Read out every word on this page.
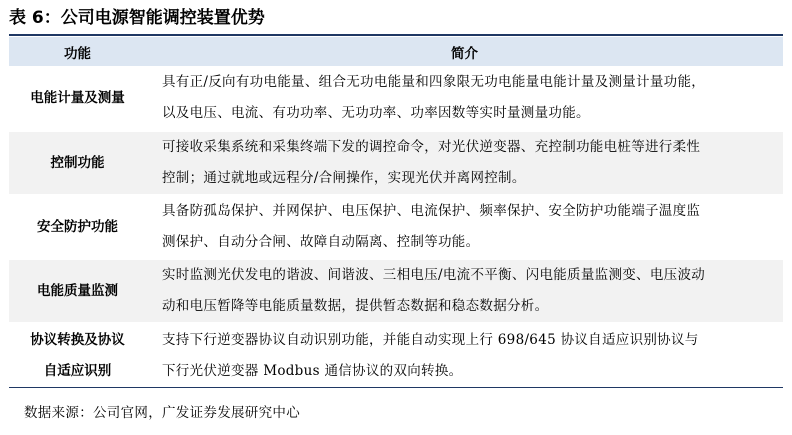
表 6：公司电源智能调控装置优势
功能	简介

电能计量及测量	具有正/反向有功电能量、组合无功电能量和四象限无功电能量电能计量及测量计量功能，
以及电压、电流、有功功率、无功功率、功率因数等实时量测量功能。

控制功能	可接收采集系统和采集终端下发的调控命令，对光伏逆变器、充控制功能电桩等进行柔性
控制；通过就地或远程分/合闸操作，实现光伏并离网控制。

安全防护功能	具备防孤岛保护、并网保护、电压保护、电流保护、频率保护、安全防护功能端子温度监
测保护、自动分合闸、故障自动隔离、控制等功能。

电能质量监测	实时监测光伏发电的谐波、间谐波、三相电压/电流不平衡、闪电能质量监测变、电压波动
动和电压暂降等电能质量数据，提供暂态数据和稳态数据分析。

协议转换及协议
自适应识别	支持下行逆变器协议自动识别功能，并能自动实现上行 698/645 协议自适应识别协议与
下行光伏逆变器 Modbus 通信协议的双向转换。
数据来源：公司官网，广发证券发展研究中心
